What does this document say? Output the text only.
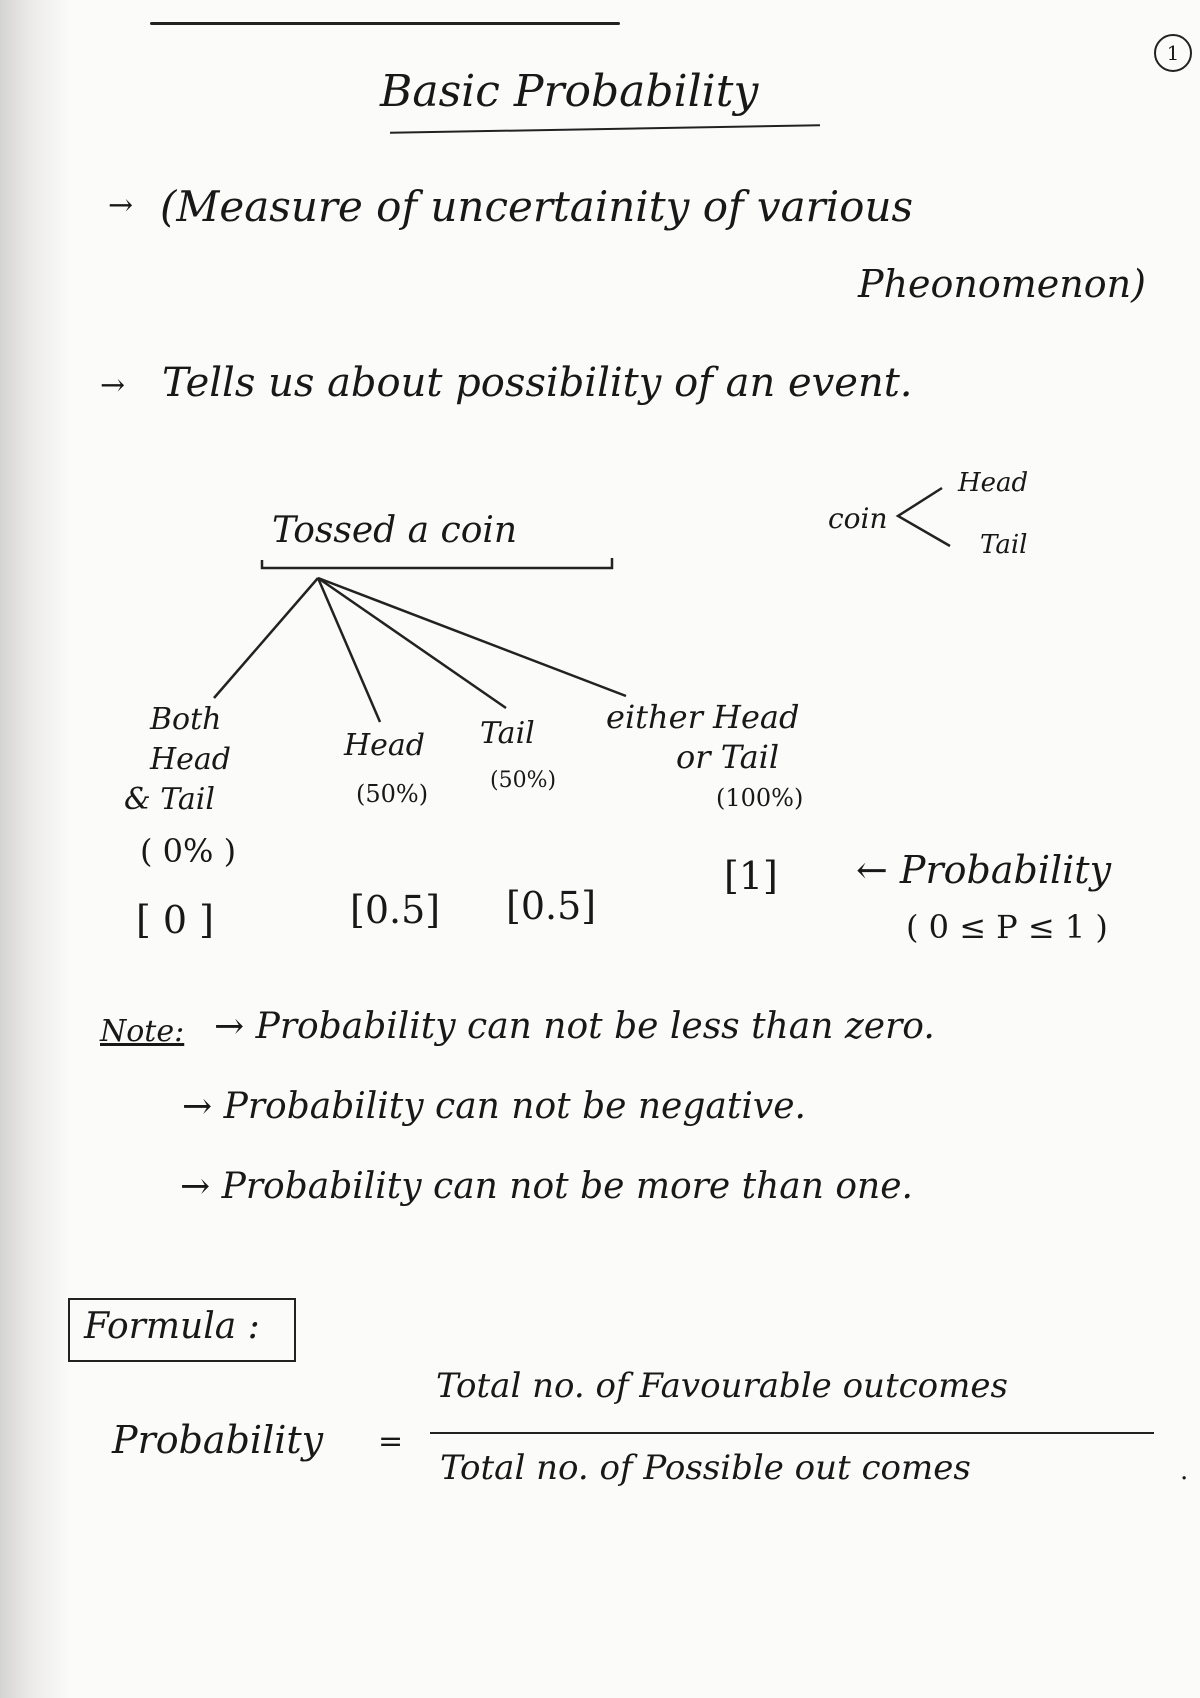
1
Basic Probability
→ (Measure of uncertainity of various
Pheonomenon)
→ Tells us about possibility of an event.
Tossed a coin	coin
Head
Tail
Both
Head
& Tail
( 0% )
Head
(50%)
Tail
(50%)
either Head
or Tail
(100%)
[ 0 ]	[0.5] [0.5]
[1] ← Probability
( 0 ≤ P ≤ 1 )
Note: → Probability can not be less than zero.
→ Probability can not be negative.
→ Probability can not be more than one.
Formula :
Probability =
Total no. of Favourable outcomes
Total no. of Possible out comes	.
